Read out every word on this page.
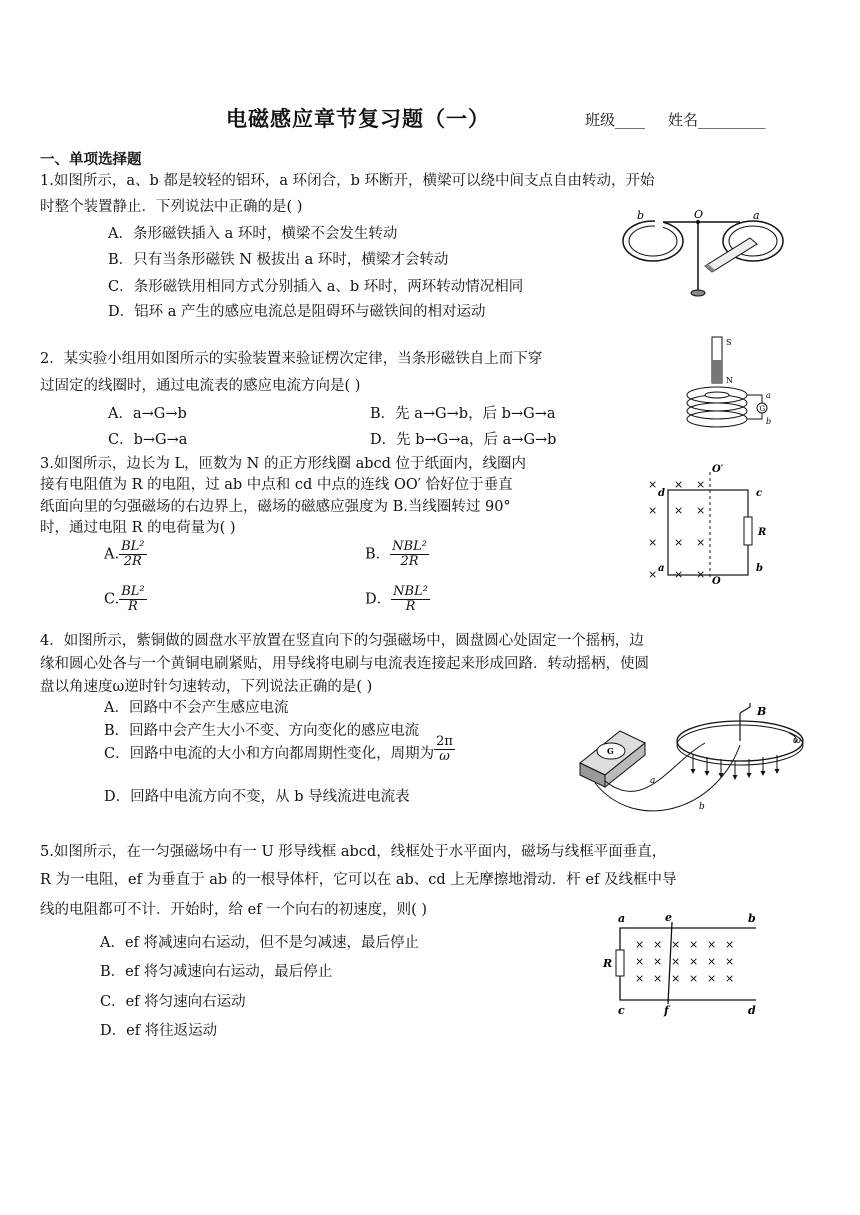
电磁感应章节复习题（一）	班级____ 姓名_________
一、单项选择题
1.如图所示，a、b 都是较轻的铝环，a 环闭合，b 环断开，横梁可以绕中间支点自由转动，开始
时整个装置静止．下列说法中正确的是( )
A．条形磁铁插入 a 环时，横梁不会发生转动
B．只有当条形磁铁 N 极拔出 a 环时，横梁才会转动
C．条形磁铁用相同方式分别插入 a、b 环时，两环转动情况相同
D．铝环 a 产生的感应电流总是阻碍环与磁铁间的相对运动
b	O	a
2．某实验小组用如图所示的实验装置来验证楞次定律，当条形磁铁自上而下穿
过固定的线圈时，通过电流表的感应电流方向是( )
A．a→G→b	B．先 a→G→b，后 b→G→a
C．b→G→a	D．先 b→G→a，后 a→G→b
S
N
G
a
b
3.如图所示，边长为 L，匝数为 N 的正方形线圈 abcd 位于纸面内，线圈内
接有电阻值为 R 的电阻，过 ab 中点和 cd 中点的连线 OO′ 恰好位于垂直
纸面向里的匀强磁场的右边界上，磁场的磁感应强度为 B.当线圈转过 90°
时，通过电阻 R 的电荷量为( )
A. $\frac{\text{BL²}}{2R}$	B． $\frac{\text{NBL²}}{2R}$
C. $\frac{\text{BL²}}{R}$	D． $\frac{\text{NBL²}}{R}$
R
O′
d	c
a
O
b
× × ×
× × ×
× × ×
× × ×
4．如图所示，紫铜做的圆盘水平放置在竖直向下的匀强磁场中，圆盘圆心处固定一个摇柄，边
缘和圆心处各与一个黄铜电刷紧贴，用导线将电刷与电流表连接起来形成回路．转动摇柄，使圆
盘以角速度ω逆时针匀速转动，下列说法正确的是( )
A．回路中不会产生感应电流
B．回路中会产生大小不变、方向变化的感应电流
C．回路中电流的大小和方向都周期性变化，周期为 $\frac{2\pi}{\omega}$
D．回路中电流方向不变，从 b 导线流进电流表
B
ω
G
a
b
5.如图所示，在一匀强磁场中有一 U 形导线框 abcd，线框处于水平面内，磁场与线框平面垂直，
R 为一电阻，ef 为垂直于 ab 的一根导体杆，它可以在 ab、cd 上无摩擦地滑动．杆 ef 及线框中导
线的电阻都可不计．开始时，给 ef 一个向右的初速度，则( )
A．ef 将减速向右运动，但不是匀减速，最后停止
B．ef 将匀减速向右运动，最后停止
C．ef 将匀速向右运动
D．ef 将往返运动
R
a	e	b
c	f	d
×
×
×
×
×
×
×
×
×
×
×
×
×
×
×
×
×
×
